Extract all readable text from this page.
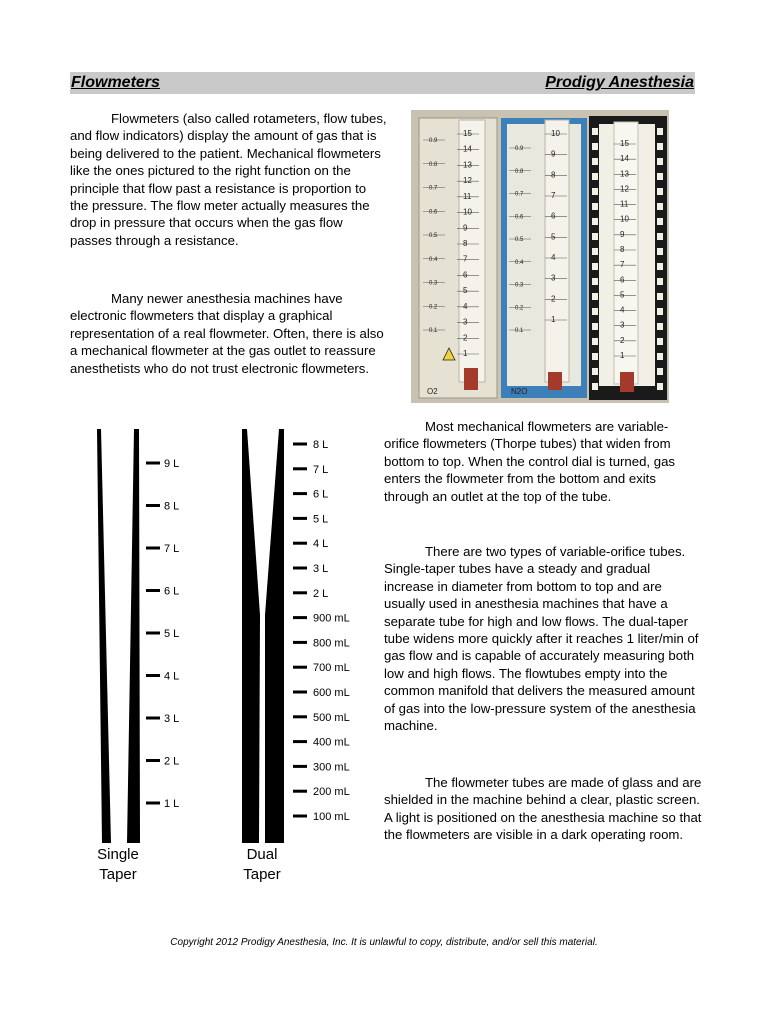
Flowmeters	Prodigy Anesthesia

Flowmeters (also called rotameters, flow tubes, and flow indicators) display the amount of gas that is being delivered to the patient. Mechanical flowmeters like the ones pictured to the right function on the principle that flow past a resistance is proportion to the pressure. The flow meter actually measures the drop in pressure that occurs when the gas flow passes through a resistance.

Many newer anesthesia machines have electronic flowmeters that display a graphical representation of a real flowmeter. Often, there is also a mechanical flowmeter at the gas outlet to reassure anesthetists who do not trust electronic flowmeters.

Most mechanical flowmeters are variable-orifice flowmeters (Thorpe tubes) that widen from bottom to top. When the control dial is turned, gas enters the flowmeter from the bottom and exits through an outlet at the top of the tube.

There are two types of variable-orifice tubes. Single-taper tubes have a steady and gradual increase in diameter from bottom to top and are usually used in anesthesia machines that have a separate tube for high and low flows. The dual-taper tube widens more quickly after it reaches 1 liter/min of gas flow and is capable of accurately measuring both low and high flows. The flowtubes empty into the common manifold that delivers the measured amount of gas into the low-pressure system of the anesthesia machine.

The flowmeter tubes are made of glass and are shielded in the machine behind a clear, plastic screen. A light is positioned on the anesthesia machine so that the flowmeters are visible in a dark operating room.

0.9
0.8
0.7
0.6
0.5
0.4
0.3
0.2
0.1
15
14
13
12
11
10
9
8
7
6
5
4
3
2
1
0.9
0.8
0.7
0.6
0.5
0.4
0.3
0.2
0.1
10
9
8
7
6
5
4
3
2
1
15
14
13
12
11
10
9
8
7
6
5
4
3
2
1
O2	N2O
9 L
8 L
7 L
6 L
5 L
4 L
3 L
2 L
1 L
8 L
7 L
6 L
5 L
4 L
3 L
2 L
900 mL
800 mL
700 mL
600 mL
500 mL
400 mL
300 mL
200 mL
100 mL
Single
Taper
Dual
Taper
Copyright 2012 Prodigy Anesthesia, Inc. It is unlawful to copy, distribute, and/or sell this material.
